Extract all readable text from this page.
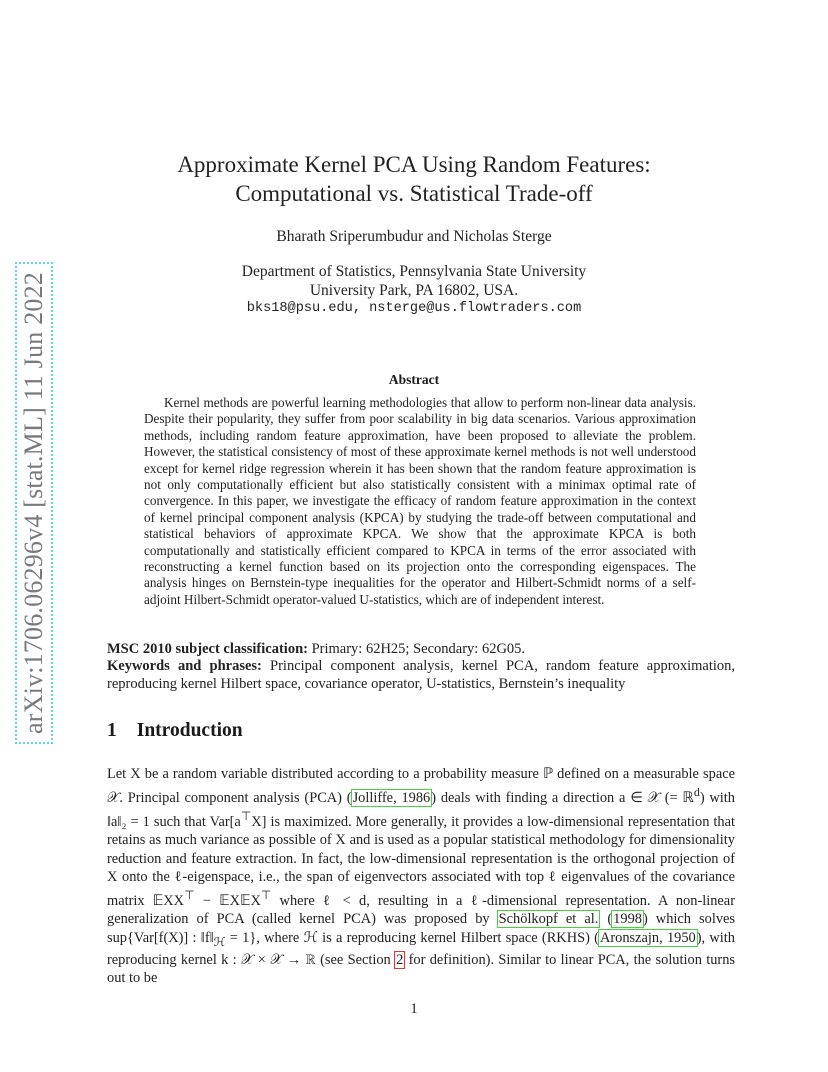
arXiv:1706.06296v4 [stat.ML] 11 Jun 2022
Approximate Kernel PCA Using Random Features:
Computational vs. Statistical Trade-off
Bharath Sriperumbudur and Nicholas Sterge
Department of Statistics, Pennsylvania State University
University Park, PA 16802, USA.
bks18@psu.edu, nsterge@us.flowtraders.com
Abstract

Kernel methods are powerful learning methodologies that allow to perform non-linear data analysis. Despite their popularity, they suffer from poor scalability in big data scenarios. Various approximation methods, including random feature approximation, have been proposed to alleviate the problem. However, the statistical consistency of most of these approximate kernel methods is not well understood except for kernel ridge regression wherein it has been shown that the random feature approximation is not only computationally efficient but also statistically consistent with a minimax optimal rate of convergence. In this paper, we investigate the efficacy of random feature approximation in the context of kernel principal component analysis (KPCA) by studying the trade-off between computational and statistical behaviors of approximate KPCA. We show that the approximate KPCA is both computationally and statistically efficient compared to KPCA in terms of the error associated with reconstructing a kernel function based on its projection onto the corresponding eigenspaces. The analysis hinges on Bernstein-type inequalities for the operator and Hilbert-Schmidt norms of a self-adjoint Hilbert-Schmidt operator-valued U-statistics, which are of independent interest.

MSC 2010 subject classification: Primary: 62H25; Secondary: 62G05.

Keywords and phrases: Principal component analysis, kernel PCA, random feature approximation, reproducing kernel Hilbert space, covariance operator, U-statistics, Bernstein’s inequality

1 Introduction

Let X be a random variable distributed according to a probability measure ℙ defined on a measurable space 𝒳. Principal component analysis (PCA) (Jolliffe, 1986) deals with finding a direction a ∈ 𝒳 (= ℝ$^d$) with ‖a‖₂ = 1 such that Var[a⊤X] is maximized. More generally, it provides a low-dimensional representation that retains as much variance as possible of X and is used as a popular statistical methodology for dimensionality reduction and feature extraction. In fact, the low-dimensional representation is the orthogonal projection of X onto the ℓ-eigenspace, i.e., the span of eigenvectors associated with top ℓ eigenvalues of the covariance matrix 𝔼XX⊤ − 𝔼X𝔼X⊤ where ℓ < d, resulting in a ℓ-dimensional representation. A non-linear generalization of PCA (called kernel PCA) was proposed by Schölkopf et al. (1998) which solves sup{Var[f(X)] : $‖f‖_ℋ = 1$}, where ℋ is a reproducing kernel Hilbert space (RKHS) (Aronszajn, 1950), with reproducing kernel k : 𝒳 × 𝒳 → ℝ (see Section 2 for definition). Similar to linear PCA, the solution turns out to be

1
